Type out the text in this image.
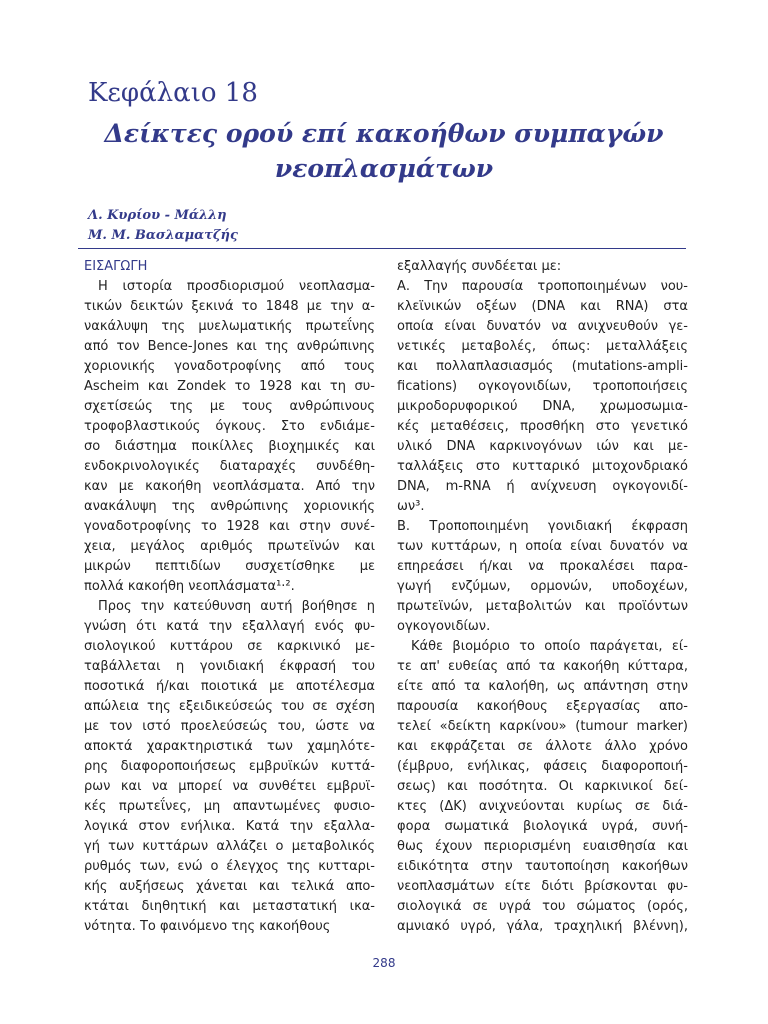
Κεφάλαιο 18
Δείκτες ορού επί κακοήθων συμπαγών
νεοπλασμάτων
Λ. Κυρίου - Μάλλη
Μ. Μ. Βασλαματζής
ΕΙΣΑΓΩΓΗ
Η ιστορία προσδιορισμού νεοπλασμα-
τικών δεικτών ξεκινά το 1848 με την α-
νακάλυψη της μυελωματικής πρωτεΐνης
από τον Bence-Jones και της ανθρώπινης
χοριονικής γοναδοτροφίνης από τους
Ascheim και Zondek το 1928 και τη συ-
σχετίσεώς της με τους ανθρώπινους
τροφοβλαστικούς όγκους. Στο ενδιάμε-
σο διάστημα ποικίλλες βιοχημικές και
ενδοκρινολογικές διαταραχές συνδέθη-
καν με κακοήθη νεοπλάσματα. Από την
ανακάλυψη της ανθρώπινης χοριονικής
γοναδοτροφίνης το 1928 και στην συνέ-
χεια, μεγάλος αριθμός πρωτεϊνών και
μικρών πεπτιδίων συσχετίσθηκε με
πολλά κακοήθη νεοπλάσματα¹·².
Προς την κατεύθυνση αυτή βοήθησε η
γνώση ότι κατά την εξαλλαγή ενός φυ-
σιολογικού κυττάρου σε καρκινικό με-
ταβάλλεται η γονιδιακή έκφρασή του
ποσοτικά ή/και ποιοτικά με αποτέλεσμα
απώλεια της εξειδικεύσεώς του σε σχέση
με τον ιστό προελεύσεώς του, ώστε να
αποκτά χαρακτηριστικά των χαμηλότε-
ρης διαφοροποιήσεως εμβρυϊκών κυττά-
ρων και να μπορεί να συνθέτει εμβρυϊ-
κές πρωτεΐνες, μη απαντωμένες φυσιο-
λογικά στον ενήλικα. Κατά την εξαλλα-
γή των κυττάρων αλλάζει ο μεταβολικός
ρυθμός των, ενώ ο έλεγχος της κυτταρι-
κής αυξήσεως χάνεται και τελικά απο-
κτάται διηθητική και μεταστατική ικα-
νότητα. Το φαινόμενο της κακοήθους
εξαλλαγής συνδέεται με:
Α. Την παρουσία τροποποιημένων νου-
κλεϊνικών οξέων (DNA και RNA) στα
οποία είναι δυνατόν να ανιχνευθούν γε-
νετικές μεταβολές, όπως: μεταλλάξεις
και πολλαπλασιασμός (mutations-ampli-
fications) ογκογονιδίων, τροποποιήσεις
μικροδορυφορικού DNA, χρωμοσωμια-
κές μεταθέσεις, προσθήκη στο γενετικό
υλικό DNA καρκινογόνων ιών και με-
ταλλάξεις στο κυτταρικό μιτοχονδριακό
DNA, m-RNA ή ανίχνευση ογκογονιδί-
ων³.
Β. Τροποποιημένη γονιδιακή έκφραση
των κυττάρων, η οποία είναι δυνατόν να
επηρεάσει ή/και να προκαλέσει παρα-
γωγή ενζύμων, ορμονών, υποδοχέων,
πρωτεϊνών, μεταβολιτών και προϊόντων
ογκογονιδίων.
Κάθε βιομόριο το οποίο παράγεται, εί-
τε απ' ευθείας από τα κακοήθη κύτταρα,
είτε από τα καλοήθη, ως απάντηση στην
παρουσία κακοήθους εξεργασίας απο-
τελεί «δείκτη καρκίνου» (tumour marker)
και εκφράζεται σε άλλοτε άλλο χρόνο
(έμβρυο, ενήλικας, φάσεις διαφοροποιή-
σεως) και ποσότητα. Οι καρκινικοί δεί-
κτες (ΔΚ) ανιχνεύονται κυρίως σε διά-
φορα σωματικά βιολογικά υγρά, συνή-
θως έχουν περιορισμένη ευαισθησία και
ειδικότητα στην ταυτοποίηση κακοήθων
νεοπλασμάτων είτε διότι βρίσκονται φυ-
σιολογικά σε υγρά του σώματος (ορός,
αμνιακό υγρό, γάλα, τραχηλική βλέννη),
288
